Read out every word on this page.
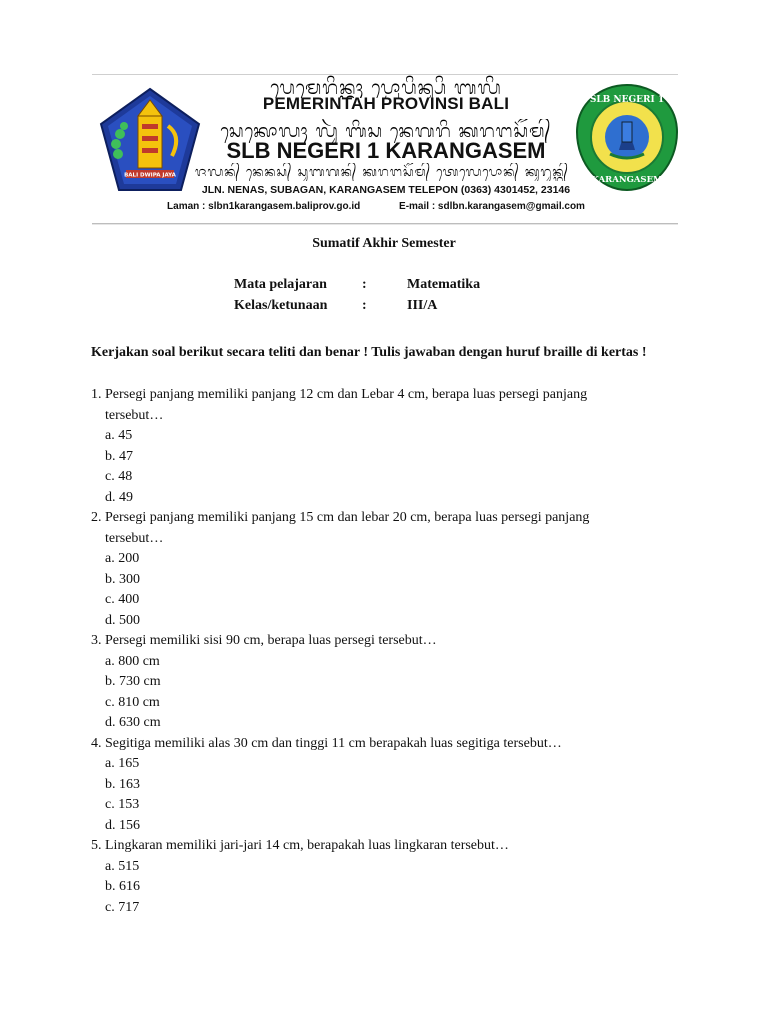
BALI DWIPA JAYA
SLB NEGERI 1
KARANGASEM
ᬧᬾᬫᬾᬭᬶᬦ᭄ᬢᬄ ᬧ᭄ᬭᭀᬧᬶᬦ᭄ᬲᬶ ᬩᬮᬶ
PEMERINTAH PROVINSI BALI
ᬲᬾᬓᭀᬮᬄ ᬮᬸᬃ ᬩᬶᬲ ᬦᬾᬕᬭᬶ ᬓᬭᬗᬲᭂᬫ᭄
SLB NEGERI 1 KARANGASEM
ᬚᬮᬦ᭄ ᬦᬾᬦᬲ᭄ ᬲᬸᬩᬕᬦ᭄ ᬓᬭᬗᬲᭂᬫ᭄ ᬢᬾᬮᬾᬧᭀᬦ᭄ ᬓᬸᬭᬸᬦ᭄ᬕ᭄
JLN. NENAS, SUBAGAN, KARANGASEM TELEPON (0363) 4301452, 23146
Laman : slbn1karangasem.baliprov.go.id	E-mail : sdlbn.karangasem@gmail.com
Sumatif Akhir Semester
Mata pelajaran	:	Matematika
Kelas/ketunaan :	III/A
Kerjakan soal berikut secara teliti dan benar ! Tulis jawaban dengan huruf braille di kertas !
1. Persegi panjang memiliki panjang 12 cm dan Lebar 4 cm, berapa luas persegi panjang
tersebut…
a. 45
b. 47
c. 48
d. 49
2. Persegi panjang memiliki panjang 15 cm dan lebar 20 cm, berapa luas persegi panjang
tersebut…
a. 200
b. 300
c. 400
d. 500
3. Persegi memiliki sisi 90 cm, berapa luas persegi tersebut…
a. 800 cm
b. 730 cm
c. 810 cm
d. 630 cm
4. Segitiga memiliki alas 30 cm dan tinggi 11 cm berapakah luas segitiga tersebut…
a. 165
b. 163
c. 153
d. 156
5. Lingkaran memiliki jari-jari 14 cm, berapakah luas lingkaran tersebut…
a. 515
b. 616
c. 717
